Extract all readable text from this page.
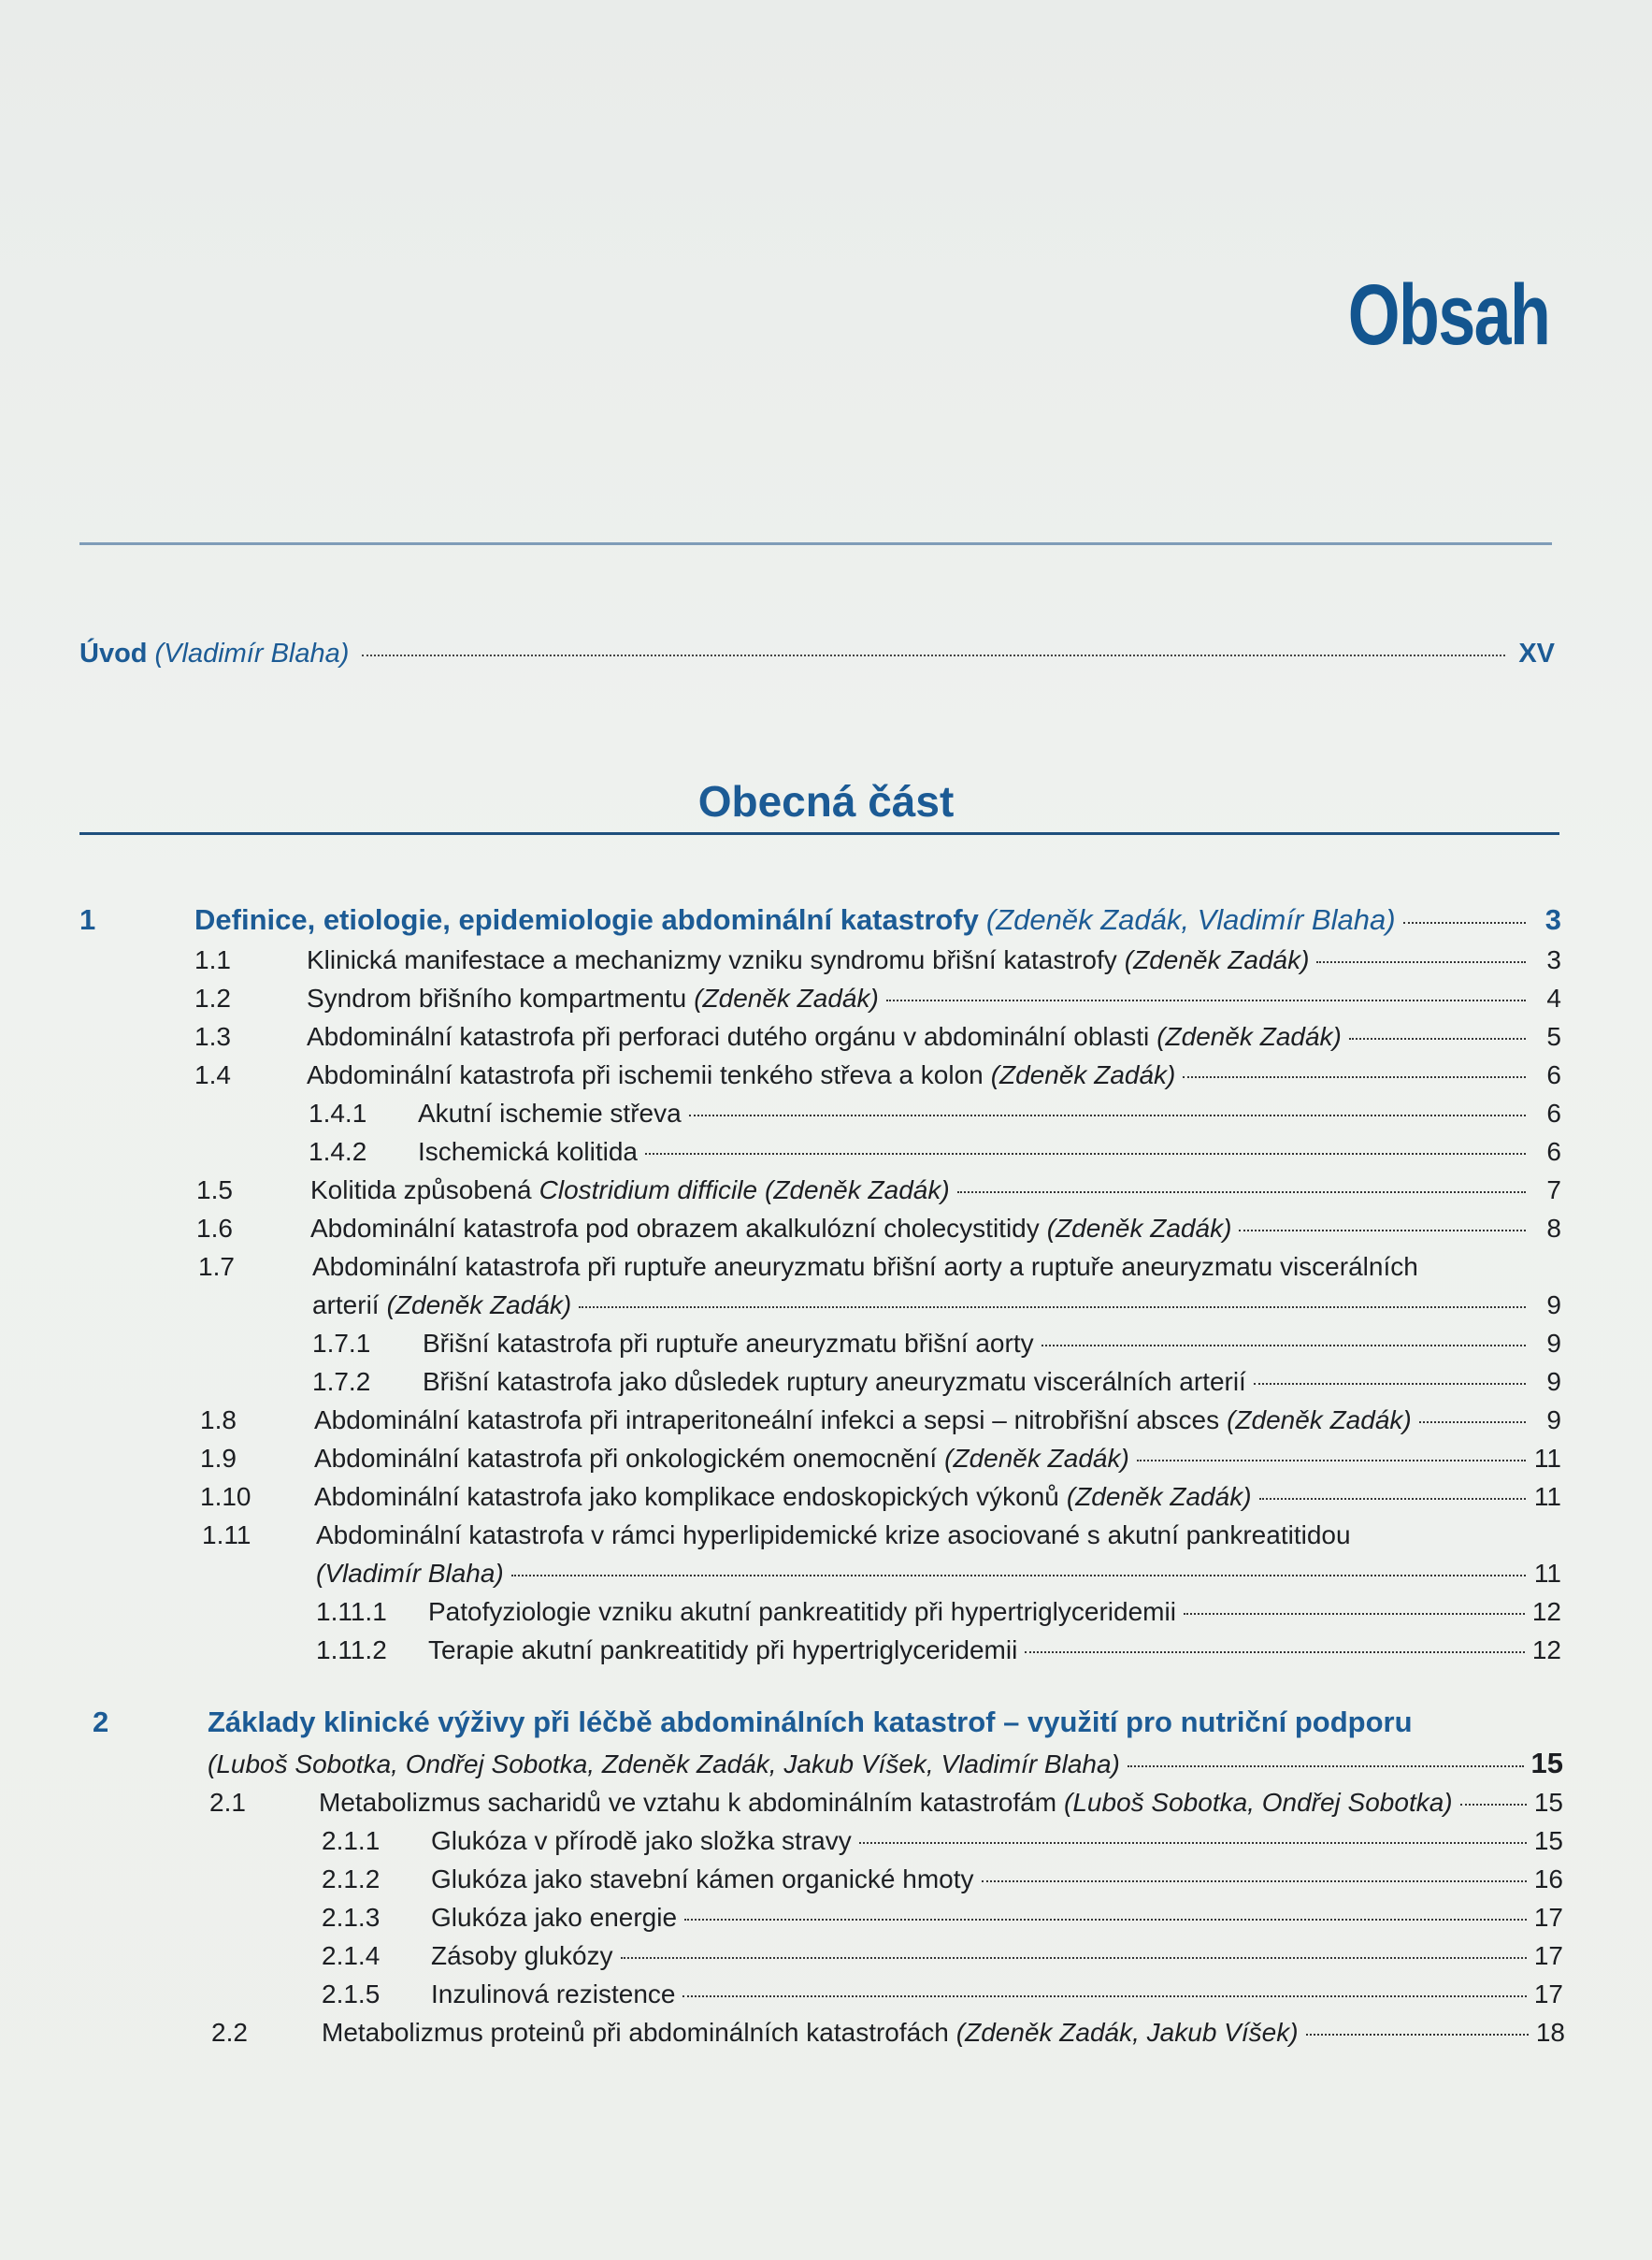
Obsah
Úvod (Vladimír Blaha)	XV
Obecná část
1	Definice, etiologie, epidemiologie abdominální katastrofy (Zdeněk Zadák, Vladimír Blaha)	3
1.1	Klinická manifestace a mechanizmy vzniku syndromu břišní katastrofy (Zdeněk Zadák)	3
1.2	Syndrom břišního kompartmentu (Zdeněk Zadák)	4
1.3	Abdominální katastrofa při perforaci dutého orgánu v abdominální oblasti (Zdeněk Zadák)	5
1.4	Abdominální katastrofa při ischemii tenkého střeva a kolon (Zdeněk Zadák)	6
1.4.1 Akutní ischemie střeva	6
1.4.2 Ischemická kolitida	6
1.5	Kolitida způsobená Clostridium difficile (Zdeněk Zadák)	7
1.6	Abdominální katastrofa pod obrazem akalkulózní cholecystitidy (Zdeněk Zadák)	8
1.7	Abdominální katastrofa při ruptuře aneuryzmatu břišní aorty a ruptuře aneuryzmatu viscerálních
arterií (Zdeněk Zadák)	9
1.7.1 Břišní katastrofa při ruptuře aneuryzmatu břišní aorty	9
1.7.2 Břišní katastrofa jako důsledek ruptury aneuryzmatu viscerálních arterií	9
1.8	Abdominální katastrofa při intraperitoneální infekci a sepsi – nitrobřišní absces (Zdeněk Zadák)	9
1.9	Abdominální katastrofa při onkologickém onemocnění (Zdeněk Zadák)	11
1.10 Abdominální katastrofa jako komplikace endoskopických výkonů (Zdeněk Zadák)	11
1.11 Abdominální katastrofa v rámci hyperlipidemické krize asociované s akutní pankreatitidou
(Vladimír Blaha)	11
1.11.1 Patofyziologie vzniku akutní pankreatitidy při hypertriglyceridemii	12
1.11.2 Terapie akutní pankreatitidy při hypertriglyceridemii	12
2	Základy klinické výživy při léčbě abdominálních katastrof – využití pro nutriční podporu
(Luboš Sobotka, Ondřej Sobotka, Zdeněk Zadák, Jakub Víšek, Vladimír Blaha)	15
2.1	Metabolizmus sacharidů ve vztahu k abdominálním katastrofám (Luboš Sobotka, Ondřej Sobotka)	15
2.1.1 Glukóza v přírodě jako složka stravy	15
2.1.2 Glukóza jako stavební kámen organické hmoty	16
2.1.3 Glukóza jako energie	17
2.1.4 Zásoby glukózy	17
2.1.5 Inzulinová rezistence	17
2.2	Metabolizmus proteinů při abdominálních katastrofách (Zdeněk Zadák, Jakub Víšek)	18
